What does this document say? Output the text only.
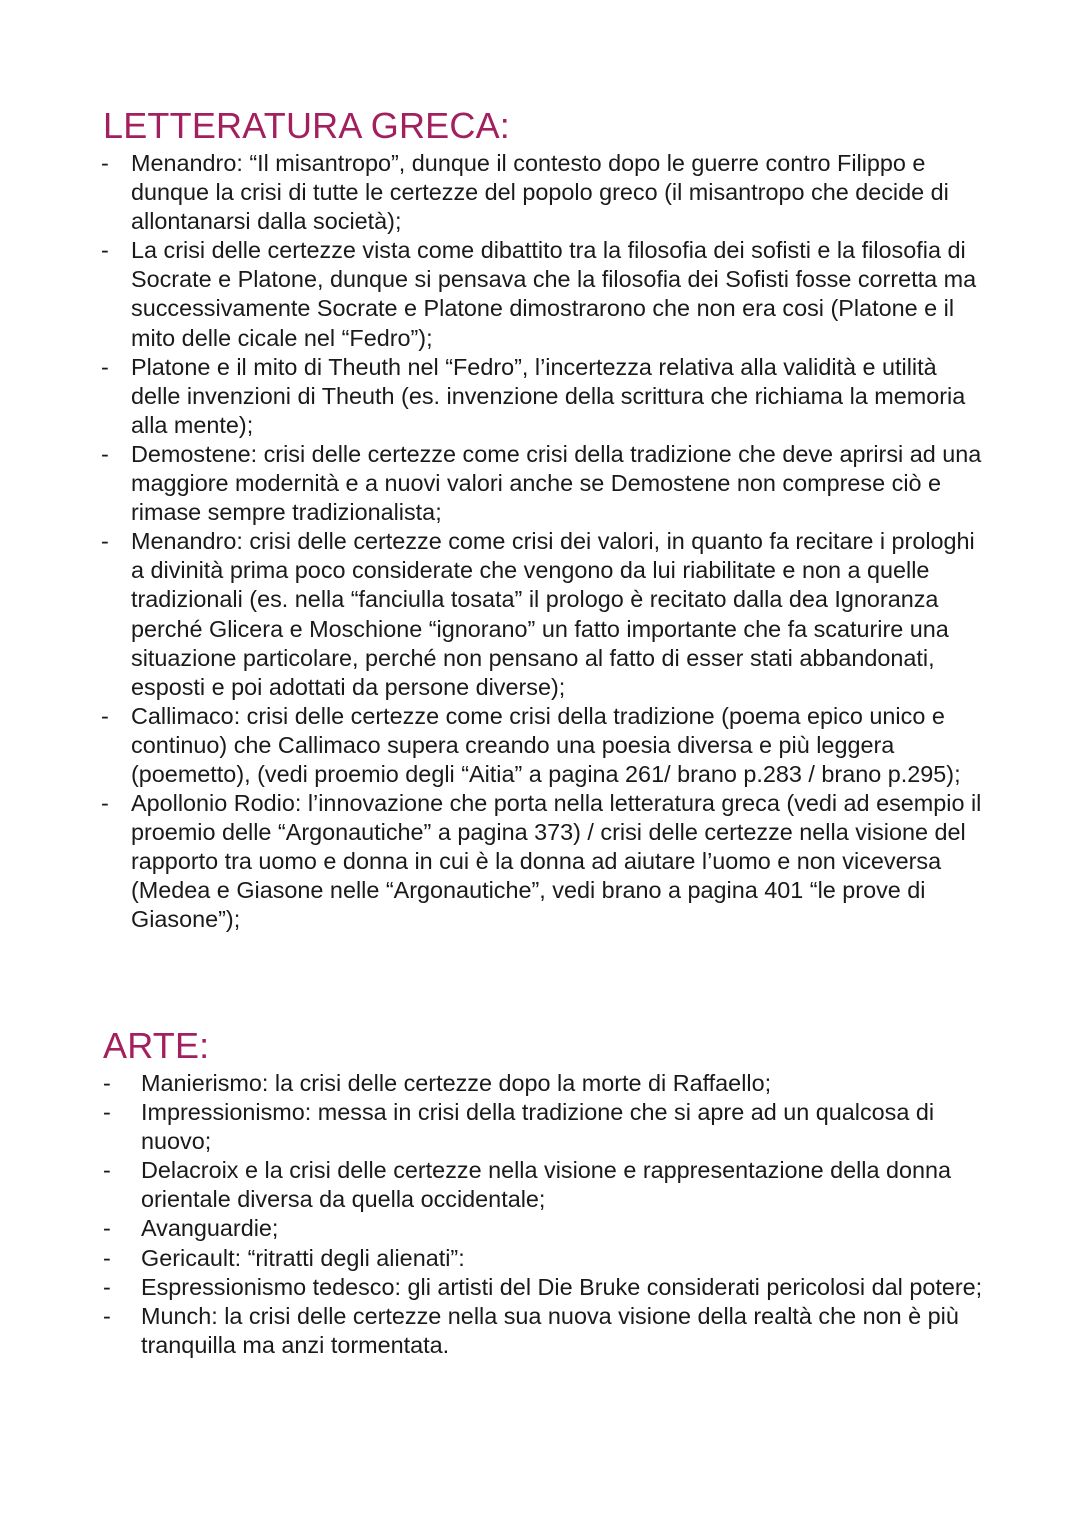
LETTERATURA GRECA:
- Menandro: “Il misantropo”, dunque il contesto dopo le guerre contro Filippo e dunque la crisi di tutte le certezze del popolo greco (il misantropo che decide di allontanarsi dalla società);
- La crisi delle certezze vista come dibattito tra la filosofia dei sofisti e la filosofia di Socrate e Platone, dunque si pensava che la filosofia dei Sofisti fosse corretta ma successivamente Socrate e Platone dimostrarono che non era cosi (Platone e il mito delle cicale nel “Fedro”);
- Platone e il mito di Theuth nel “Fedro”, l’incertezza relativa alla validità e utilità delle invenzioni di Theuth (es. invenzione della scrittura che richiama la memoria alla mente);
- Demostene: crisi delle certezze come crisi della tradizione che deve aprirsi ad una maggiore modernità e a nuovi valori anche se Demostene non comprese ciò e rimase sempre tradizionalista;
- Menandro: crisi delle certezze come crisi dei valori, in quanto fa recitare i prologhi a divinità prima poco considerate che vengono da lui riabilitate e non a quelle tradizionali (es. nella “fanciulla tosata” il prologo è recitato dalla dea Ignoranza perché Glicera e Moschione “ignorano” un fatto importante che fa scaturire una situazione particolare, perché non pensano al fatto di esser stati abbandonati, esposti e poi adottati da persone diverse);
- Callimaco: crisi delle certezze come crisi della tradizione (poema epico unico e continuo) che Callimaco supera creando una poesia diversa e più leggera (poemetto), (vedi proemio degli “Aitia” a pagina 261/ brano p.283 / brano p.295);
- Apollonio Rodio: l’innovazione che porta nella letteratura greca (vedi ad esempio il proemio delle “Argonautiche” a pagina 373) / crisi delle certezze nella visione del rapporto tra uomo e donna in cui è la donna ad aiutare l’uomo e non viceversa (Medea e Giasone nelle “Argonautiche”, vedi brano a pagina 401 “le prove di Giasone”);
ARTE:
- Manierismo: la crisi delle certezze dopo la morte di Raffaello;
- Impressionismo: messa in crisi della tradizione che si apre ad un qualcosa di nuovo;
- Delacroix e la crisi delle certezze nella visione e rappresentazione della donna orientale diversa da quella occidentale;
- Avanguardie;
- Gericault: “ritratti degli alienati”:
- Espressionismo tedesco: gli artisti del Die Bruke considerati pericolosi dal potere;
- Munch: la crisi delle certezze nella sua nuova visione della realtà che non è più tranquilla ma anzi tormentata.
